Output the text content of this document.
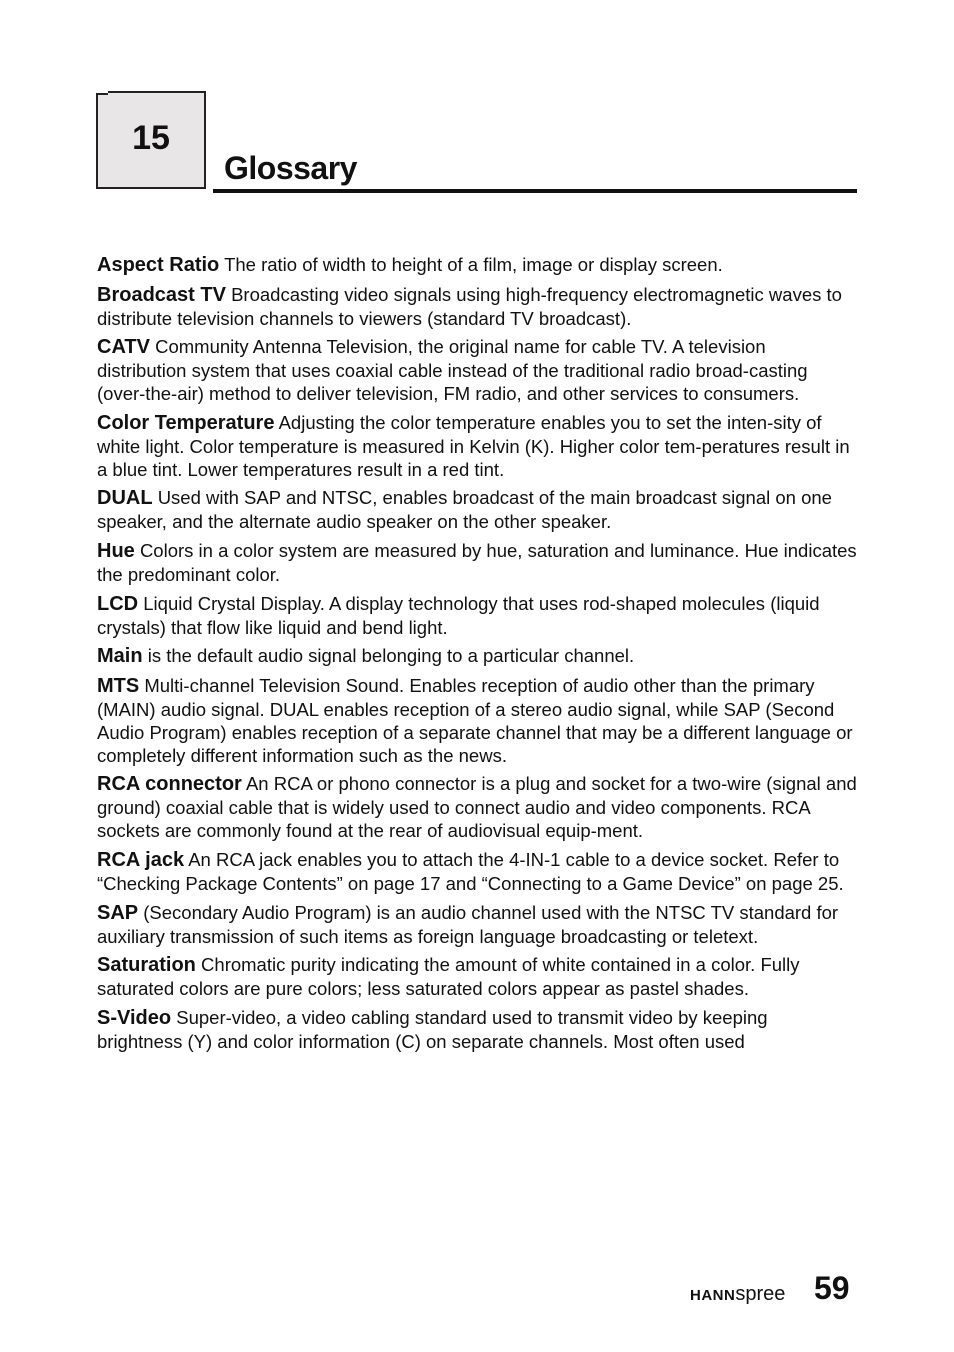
15
Glossary

Aspect Ratio The ratio of width to height of a film, image or display screen.

Broadcast TV Broadcasting video signals using high-frequency electromagnetic waves to distribute television channels to viewers (standard TV broadcast).

CATV Community Antenna Television, the original name for cable TV. A television distribution system that uses coaxial cable instead of the traditional radio broad-casting (over-the-air) method to deliver television, FM radio, and other services to consumers.

Color Temperature Adjusting the color temperature enables you to set the inten-sity of white light. Color temperature is measured in Kelvin (K). Higher color tem-peratures result in a blue tint. Lower temperatures result in a red tint.

DUAL Used with SAP and NTSC, enables broadcast of the main broadcast signal on one speaker, and the alternate audio speaker on the other speaker.

Hue Colors in a color system are measured by hue, saturation and luminance. Hue indicates the predominant color.

LCD Liquid Crystal Display. A display technology that uses rod-shaped molecules (liquid crystals) that flow like liquid and bend light.

Main is the default audio signal belonging to a particular channel.

MTS Multi-channel Television Sound. Enables reception of audio other than the primary (MAIN) audio signal. DUAL enables reception of a stereo audio signal, while SAP (Second Audio Program) enables reception of a separate channel that may be a different language or completely different information such as the news.

RCA connector An RCA or phono connector is a plug and socket for a two-wire (signal and ground) coaxial cable that is widely used to connect audio and video components. RCA sockets are commonly found at the rear of audiovisual equip-ment.

RCA jack An RCA jack enables you to attach the 4-IN-1 cable to a device socket. Refer to “Checking Package Contents” on page 17 and “Connecting to a Game Device” on page 25.

SAP (Secondary Audio Program) is an audio channel used with the NTSC TV standard for auxiliary transmission of such items as foreign language broadcasting or teletext.

Saturation Chromatic purity indicating the amount of white contained in a color. Fully saturated colors are pure colors; less saturated colors appear as pastel shades.

S-Video Super-video, a video cabling standard used to transmit video by keeping brightness (Y) and color information (C) on separate channels. Most often used

HANNspree 59
